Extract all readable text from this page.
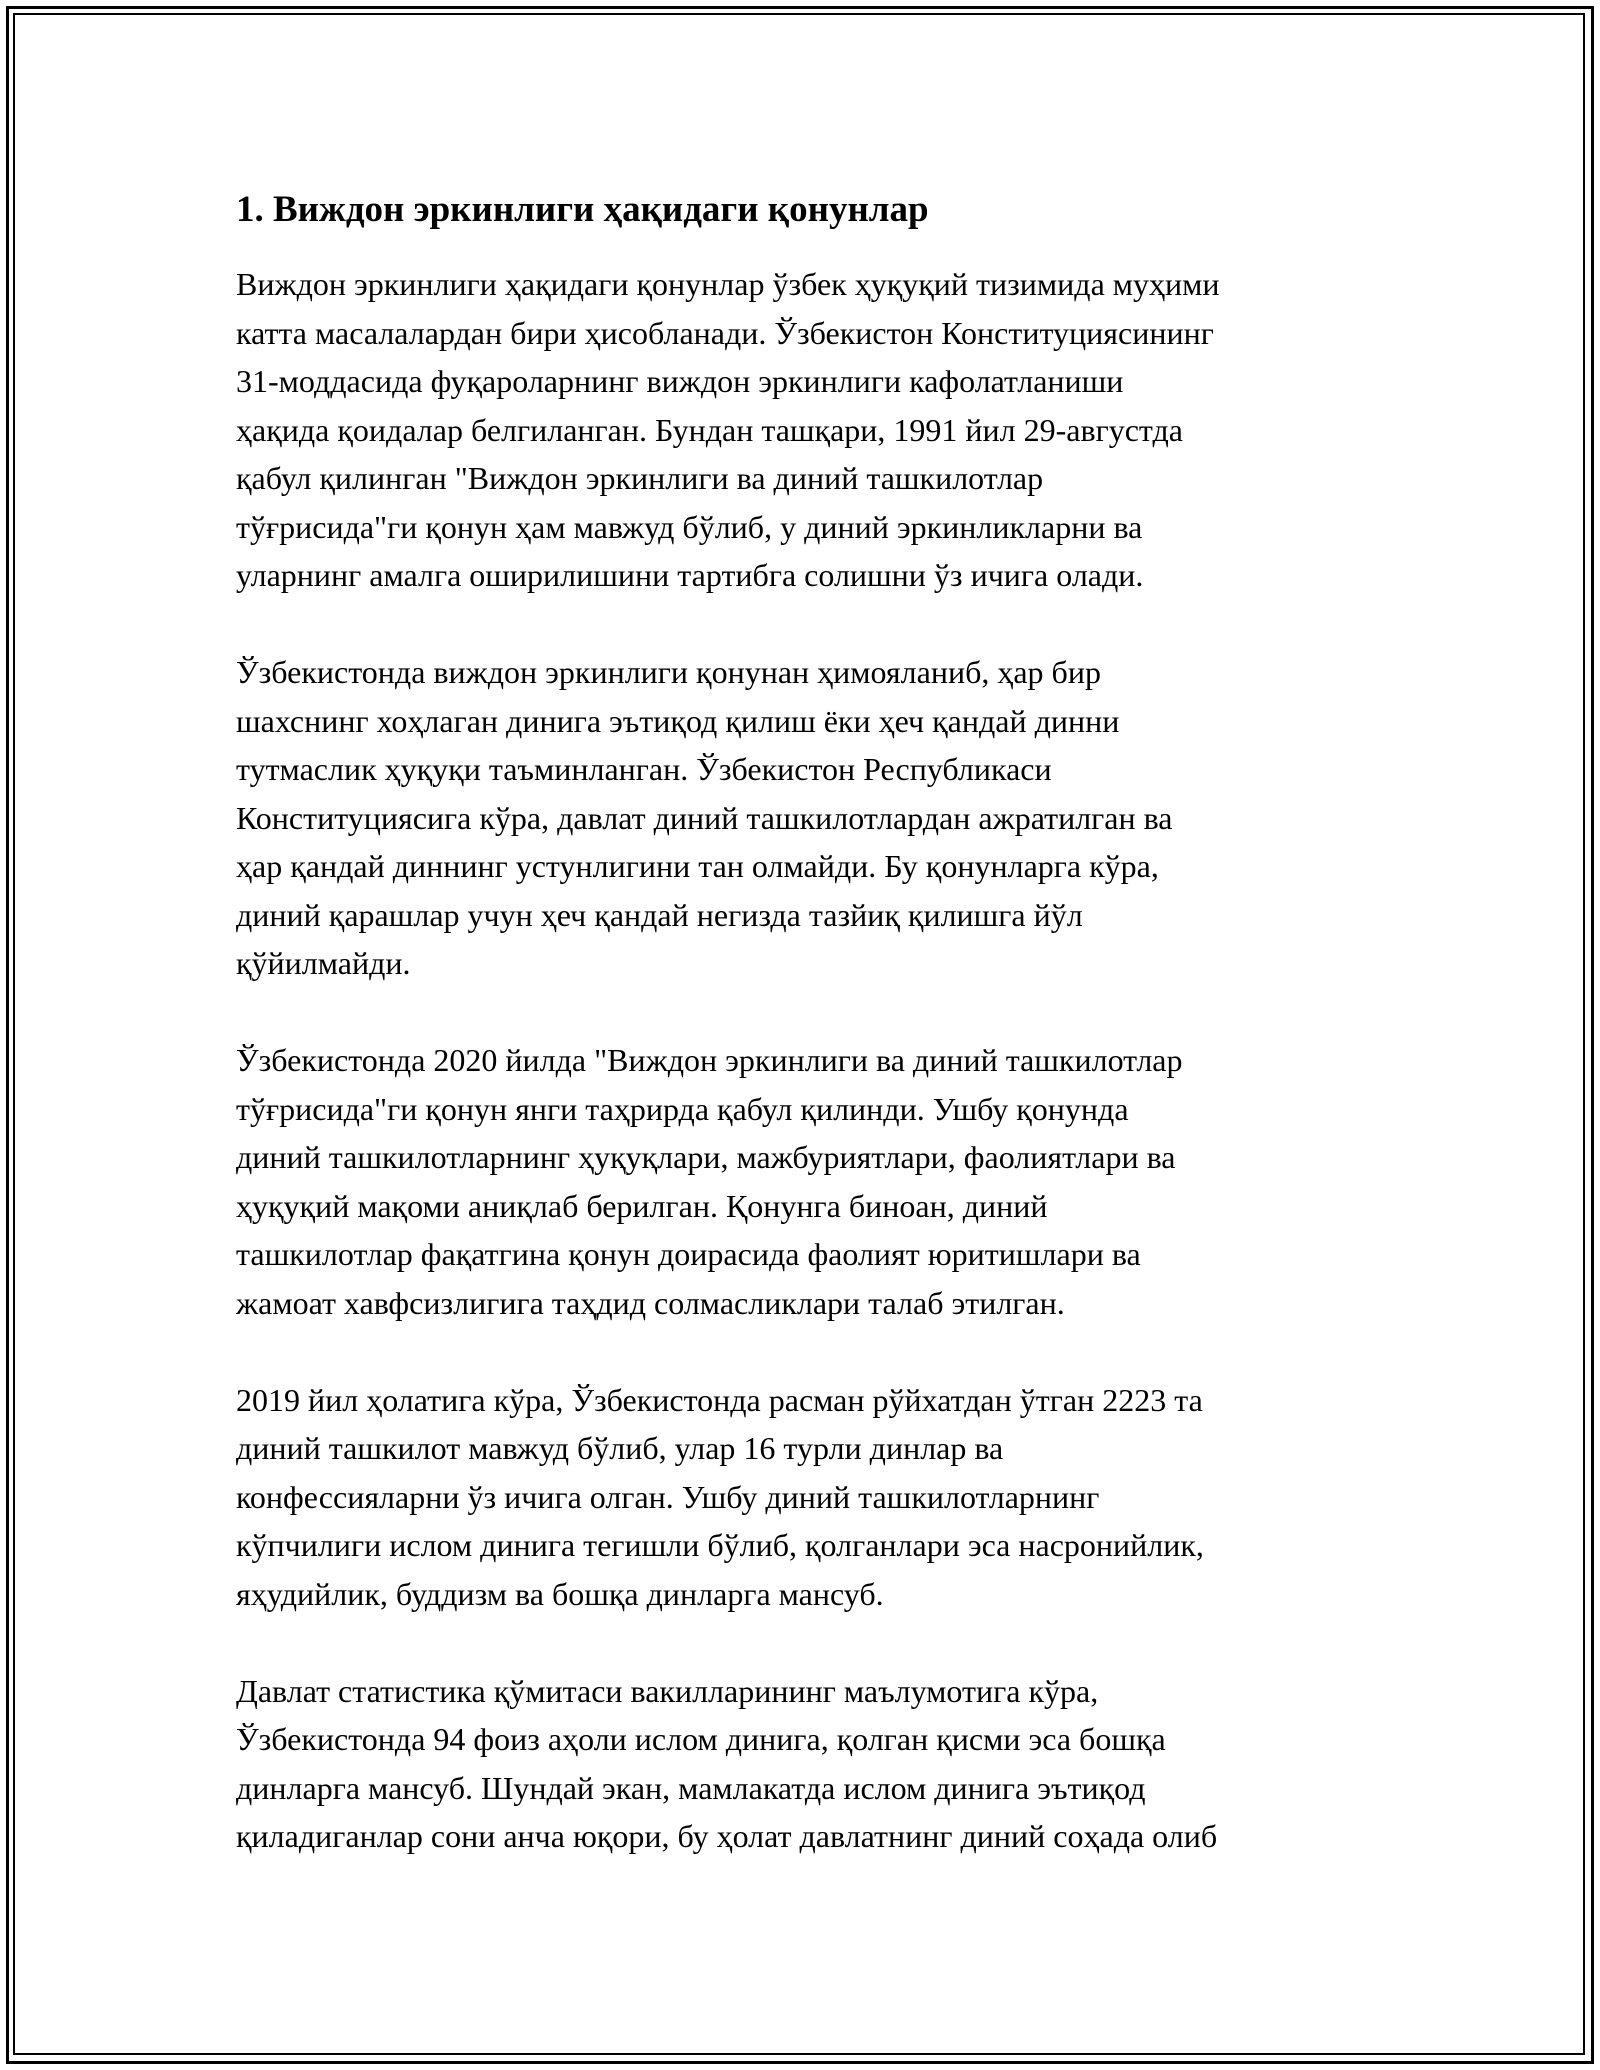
1. Виждон эркинлиги ҳақидаги қонунлар

Виждон эркинлиги ҳақидаги қонунлар ўзбек ҳуқуқий тизимида муҳими
катта масалалардан бири ҳисобланади. Ўзбекистон Конституциясининг
31-моддасида фуқароларнинг виждон эркинлиги кафолатланиши
ҳақида қоидалар белгиланган. Бундан ташқари, 1991 йил 29-августда
қабул қилинган "Виждон эркинлиги ва диний ташкилотлар
тўғрисида"ги қонун ҳам мавжуд бўлиб, у диний эркинликларни ва
уларнинг амалга оширилишини тартибга солишни ўз ичига олади.

Ўзбекистонда виждон эркинлиги қонунан ҳимояланиб, ҳар бир
шахснинг хоҳлаган динига эътиқод қилиш ёки ҳеч қандай динни
тутмаслик ҳуқуқи таъминланган. Ўзбекистон Республикаси
Конституциясига кўра, давлат диний ташкилотлардан ажратилган ва
ҳар қандай диннинг устунлигини тан олмайди. Бу қонунларга кўра,
диний қарашлар учун ҳеч қандай негизда тазйиқ қилишга йўл
қўйилмайди.

Ўзбекистонда 2020 йилда "Виждон эркинлиги ва диний ташкилотлар
тўғрисида"ги қонун янги таҳрирда қабул қилинди. Ушбу қонунда
диний ташкилотларнинг ҳуқуқлари, мажбуриятлари, фаолиятлари ва
ҳуқуқий мақоми аниқлаб берилган. Қонунга биноан, диний
ташкилотлар фақатгина қонун доирасида фаолият юритишлари ва
жамоат хавфсизлигига таҳдид солмасликлари талаб этилган.

2019 йил ҳолатига кўра, Ўзбекистонда расман рўйхатдан ўтган 2223 та
диний ташкилот мавжуд бўлиб, улар 16 турли динлар ва
конфессияларни ўз ичига олган. Ушбу диний ташкилотларнинг
кўпчилиги ислом динига тегишли бўлиб, қолганлари эса насронийлик,
яҳудийлик, буддизм ва бошқа динларга мансуб.

Давлат статистика қўмитаси вакилларининг маълумотига кўра,
Ўзбекистонда 94 фоиз аҳоли ислом динига, қолган қисми эса бошқа
динларга мансуб. Шундай экан, мамлакатда ислом динига эътиқод
қиладиганлар сони анча юқори, бу ҳолат давлатнинг диний соҳада олиб
